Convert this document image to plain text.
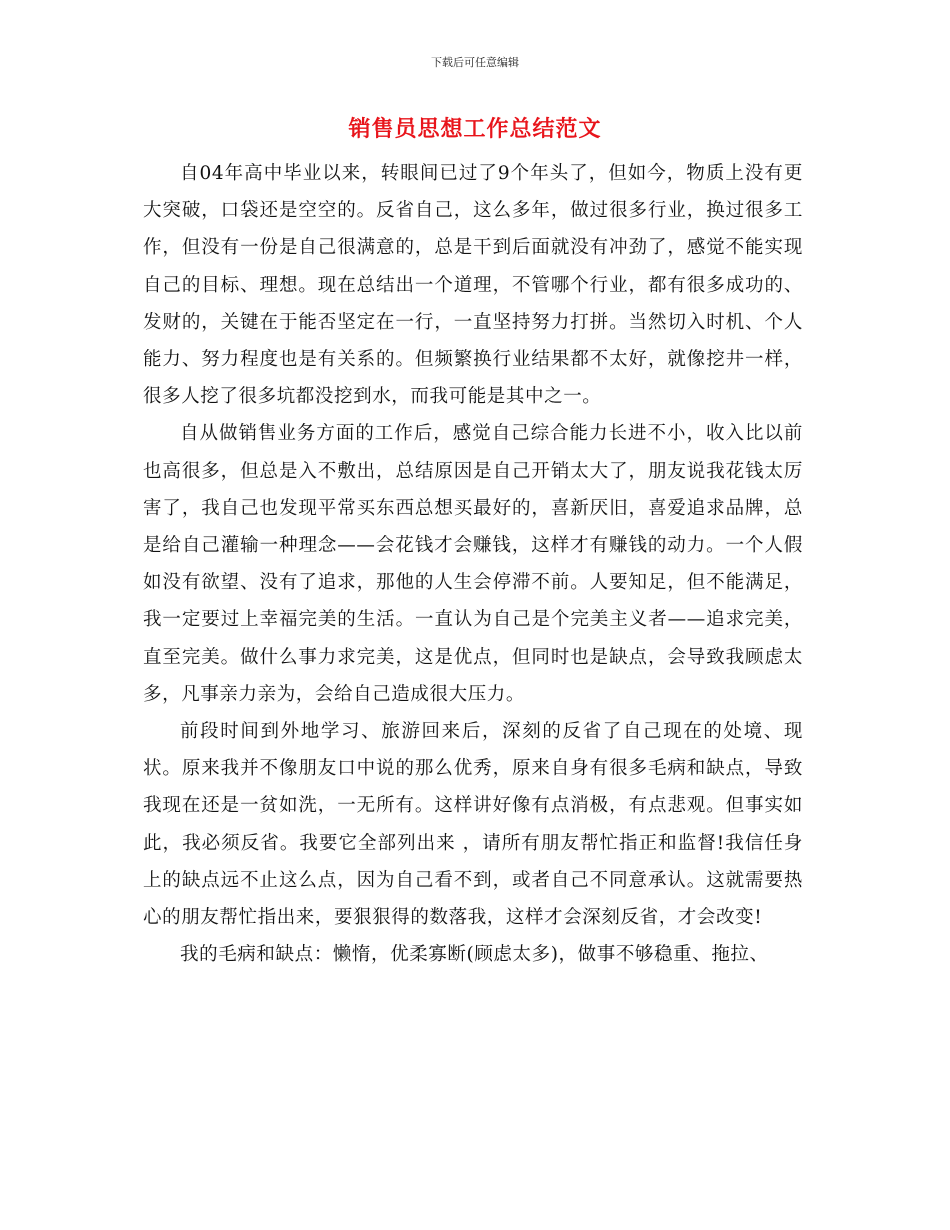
下载后可任意编辑
销售员思想工作总结范文

自04年高中毕业以来，转眼间已过了9个年头了，但如今，物质上没有更大突破，口袋还是空空的。反省自己，这么多年，做过很多行业，换过很多工作，但没有一份是自己很满意的，总是干到后面就没有冲劲了，感觉不能实现自己的目标、理想。现在总结出一个道理，不管哪个行业，都有很多成功的、发财的，关键在于能否坚定在一行，一直坚持努力打拼。当然切入时机、个人能力、努力程度也是有关系的。但频繁换行业结果都不太好，就像挖井一样，很多人挖了很多坑都没挖到水，而我可能是其中之一。

自从做销售业务方面的工作后，感觉自己综合能力长进不小，收入比以前也高很多，但总是入不敷出，总结原因是自己开销太大了，朋友说我花钱太厉害了，我自己也发现平常买东西总想买最好的，喜新厌旧，喜爱追求品牌，总是给自己灌输一种理念——会花钱才会赚钱，这样才有赚钱的动力。一个人假如没有欲望、没有了追求，那他的人生会停滞不前。人要知足，但不能满足，我一定要过上幸福完美的生活。一直认为自己是个完美主义者——追求完美，直至完美。做什么事力求完美，这是优点，但同时也是缺点，会导致我顾虑太多，凡事亲力亲为，会给自己造成很大压力。

前段时间到外地学习、旅游回来后，深刻的反省了自己现在的处境、现状。原来我并不像朋友口中说的那么优秀，原来自身有很多毛病和缺点，导致我现在还是一贫如洗，一无所有。这样讲好像有点消极，有点悲观。但事实如此，我必须反省。我要它全部列出来 ，请所有朋友帮忙指正和监督!我信任身上的缺点远不止这么点，因为自己看不到，或者自己不同意承认。这就需要热心的朋友帮忙指出来，要狠狠得的数落我，这样才会深刻反省，才会改变!

我的毛病和缺点：懒惰，优柔寡断(顾虑太多)，做事不够稳重、拖拉、
